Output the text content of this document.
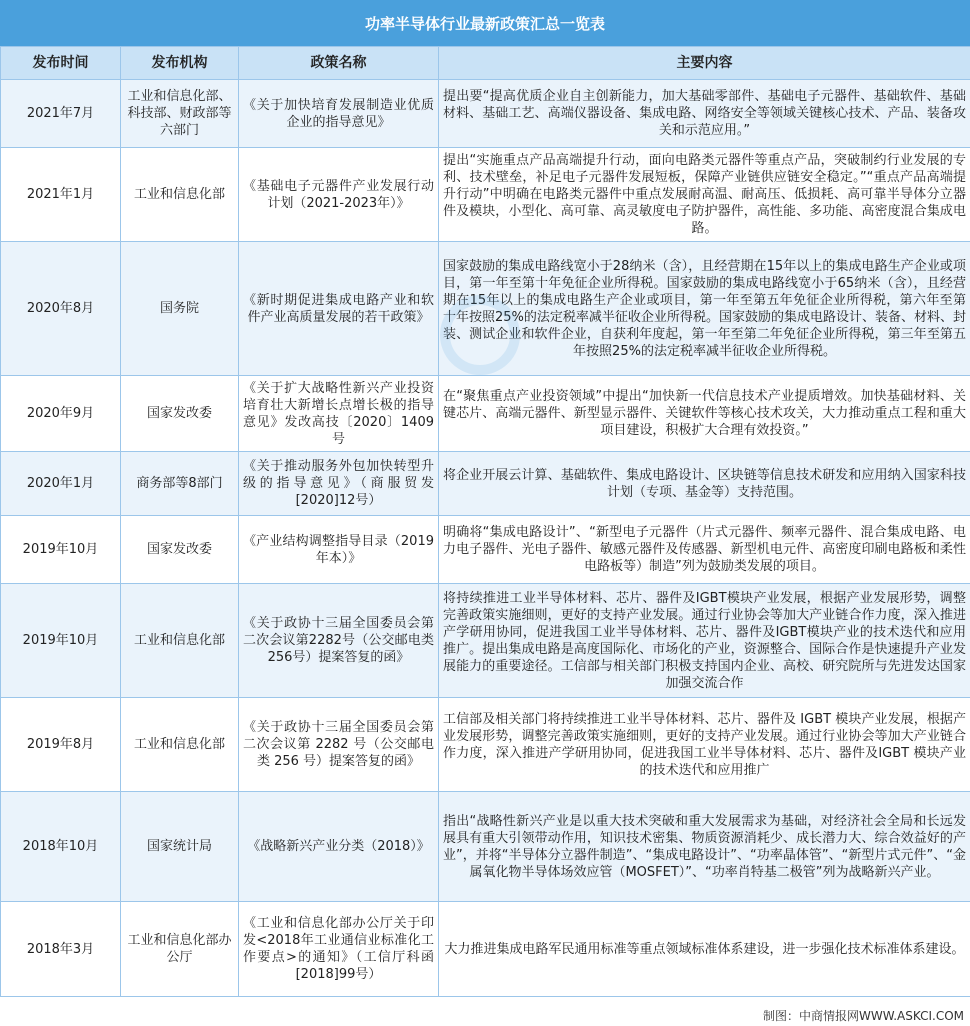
功率半导体行业最新政策汇总一览表
发布时间	发布机构	政策名称	主要内容
2021年7月	工业和信息化部、科技部、财政部等六部门	《关于加快培育发展制造业优质企业的指导意见》	提出要“提高优质企业自主创新能力，加大基础零部件、基础电子元器件、基础软件、基础材料、基础工艺、高端仪器设备、集成电路、网络安全等领域关键核心技术、产品、装备攻关和示范应用。”
2021年1月	工业和信息化部	《基础电子元器件产业发展行动计划（2021-2023年）》	提出“实施重点产品高端提升行动，面向电路类元器件等重点产品，突破制约行业发展的专利、技术壁垒，补足电子元器件发展短板，保障产业链供应链安全稳定。”“重点产品高端提升行动”中明确在电路类元器件中重点发展耐高温、耐高压、低损耗、高可靠半导体分立器件及模块，小型化、高可靠、高灵敏度电子防护器件，高性能、多功能、高密度混合集成电路。
2020年8月	国务院	《新时期促进集成电路产业和软件产业高质量发展的若干政策》	国家鼓励的集成电路线宽小于28纳米（含），且经营期在15年以上的集成电路生产企业或项目，第一年至第十年免征企业所得税。国家鼓励的集成电路线宽小于65纳米（含），且经营期在15年以上的集成电路生产企业或项目，第一年至第五年免征企业所得税，第六年至第十年按照25%的法定税率减半征收企业所得税。国家鼓励的集成电路设计、装备、材料、封装、测试企业和软件企业，自获利年度起，第一年至第二年免征企业所得税，第三年至第五年按照25%的法定税率减半征收企业所得税。
2020年9月	国家发改委	《关于扩大战略性新兴产业投资培育壮大新增长点增长极的指导意见》发改高技〔2020〕1409号	在“聚焦重点产业投资领域”中提出“加快新一代信息技术产业提质增效。加快基础材料、关键芯片、高端元器件、新型显示器件、关键软件等核心技术攻关，大力推动重点工程和重大项目建设，积极扩大合理有效投资。”
2020年1月	商务部等8部门	《关于推动服务外包加快转型升级的指导意见》（商服贸发[2020]12号）	将企业开展云计算、基础软件、集成电路设计、区块链等信息技术研发和应用纳入国家科技计划（专项、基金等）支持范围。
2019年10月	国家发改委	《产业结构调整指导目录（2019年本）》	明确将“集成电路设计”、“新型电子元器件（片式元器件、频率元器件、混合集成电路、电力电子器件、光电子器件、敏感元器件及传感器、新型机电元件、高密度印刷电路板和柔性电路板等）制造”列为鼓励类发展的项目。
2019年10月	工业和信息化部	《关于政协十三届全国委员会第二次会议第2282号（公交邮电类256号）提案答复的函》	将持续推进工业半导体材料、芯片、器件及IGBT模块产业发展，根据产业发展形势，调整完善政策实施细则，更好的支持产业发展。通过行业协会等加大产业链合作力度，深入推进产学研用协同，促进我国工业半导体材料、芯片、器件及IGBT模块产业的技术迭代和应用推广。提出集成电路是高度国际化、市场化的产业，资源整合、国际合作是快速提升产业发展能力的重要途径。工信部与相关部门积极支持国内企业、高校、研究院所与先进发达国家加强交流合作
2019年8月	工业和信息化部	《关于政协十三届全国委员会第二次会议第 2282 号（公交邮电类 256 号）提案答复的函》	工信部及相关部门将持续推进工业半导体材料、芯片、器件及 IGBT 模块产业发展，根据产业发展形势，调整完善政策实施细则，更好的支持产业发展。通过行业协会等加大产业链合作力度，深入推进产学研用协同，促进我国工业半导体材料、芯片、器件及IGBT 模块产业的技术迭代和应用推广
2018年10月	国家统计局	《战略新兴产业分类（2018）》	指出“战略性新兴产业是以重大技术突破和重大发展需求为基础，对经济社会全局和长远发展具有重大引领带动作用，知识技术密集、物质资源消耗少、成长潜力大、综合效益好的产业”，并将“半导体分立器件制造”、“集成电路设计”、“功率晶体管”、“新型片式元件”、“金属氧化物半导体场效应管（MOSFET）”、“功率肖特基二极管”列为战略新兴产业。
2018年3月	工业和信息化部办公厅	《工业和信息化部办公厅关于印发<2018年工业通信业标准化工作要点>的通知》（工信厅科函[2018]99号）	大力推进集成电路军民通用标准等重点领域标准体系建设，进一步强化技术标准体系建设。
制图：中商情报网WWW.ASKCI.COM
